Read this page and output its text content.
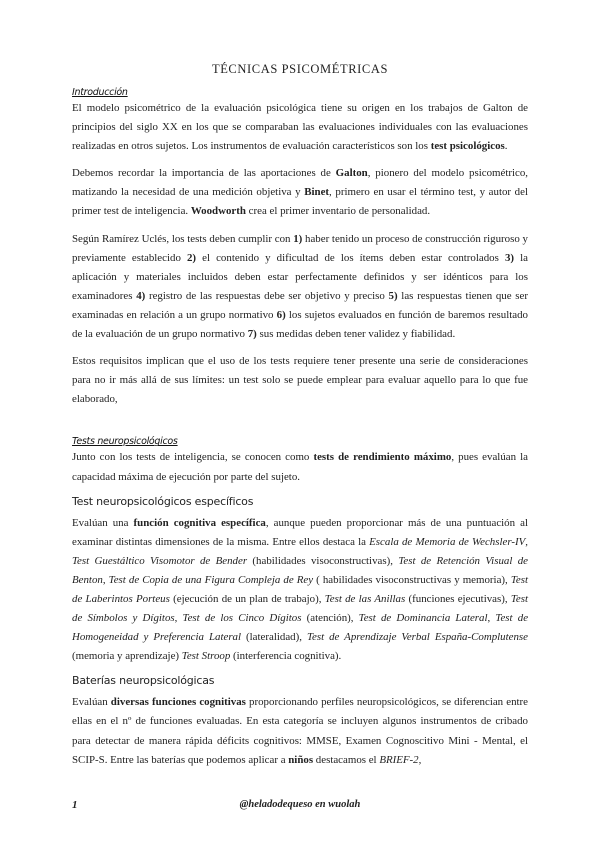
TÉCNICAS PSICOMÉTRICAS
Introducción

El modelo psicométrico de la evaluación psicológica tiene su origen en los trabajos de Galton de principios del siglo XX en los que se comparaban las evaluaciones individuales con las evaluaciones realizadas en otros sujetos. Los instrumentos de evaluación característicos son los test psicológicos.

Debemos recordar la importancia de las aportaciones de Galton, pionero del modelo psicométrico, matizando la necesidad de una medición objetiva y Binet, primero en usar el término test, y autor del primer test de inteligencia. Woodworth crea el primer inventario de personalidad.

Según Ramírez Uclés, los tests deben cumplir con 1) haber tenido un proceso de construcción riguroso y previamente establecido 2) el contenido y dificultad de los ítems deben estar controlados 3) la aplicación y materiales incluidos deben estar perfectamente definidos y ser idénticos para los examinadores 4) registro de las respuestas debe ser objetivo y preciso 5) las respuestas tienen que ser examinadas en relación a un grupo normativo 6) los sujetos evaluados en función de baremos resultado de la evaluación de un grupo normativo 7) sus medidas deben tener validez y fiabilidad.

Estos requisitos implican que el uso de los tests requiere tener presente una serie de consideraciones para no ir más allá de sus límites: un test solo se puede emplear para evaluar aquello para lo que fue elaborado,

Tests neuropsicológicos

Junto con los tests de inteligencia, se conocen como tests de rendimiento máximo, pues evalúan la capacidad máxima de ejecución por parte del sujeto.

Test neuropsicológicos específicos

Evalúan una función cognitiva específica, aunque pueden proporcionar más de una puntuación al examinar distintas dimensiones de la misma. Entre ellos destaca la Escala de Memoria de Wechsler-IV, Test Guestáltico Visomotor de Bender (habilidades visoconstructivas), Test de Retención Visual de Benton, Test de Copia de una Figura Compleja de Rey ( habilidades visoconstructivas y memoria), Test de Laberintos Porteus (ejecución de un plan de trabajo), Test de las Anillas (funciones ejecutivas), Test de Símbolos y Dígitos, Test de los Cinco Dígitos (atención), Test de Dominancia Lateral, Test de Homogeneidad y Preferencia Lateral (lateralidad), Test de Aprendizaje Verbal España-Complutense (memoria y aprendizaje) Test Stroop (interferencia cognitiva).

Baterías neuropsicológicas

Evalúan diversas funciones cognitivas proporcionando perfiles neuropsicológicos, se diferencian entre ellas en el nº de funciones evaluadas. En esta categoría se incluyen algunos instrumentos de cribado para detectar de manera rápida déficits cognitivos: MMSE, Examen Cognoscitivo Mini - Mental, el SCIP-S. Entre las baterías que podemos aplicar a niños destacamos el BRIEF-2,

1	@heladodequeso en wuolah
